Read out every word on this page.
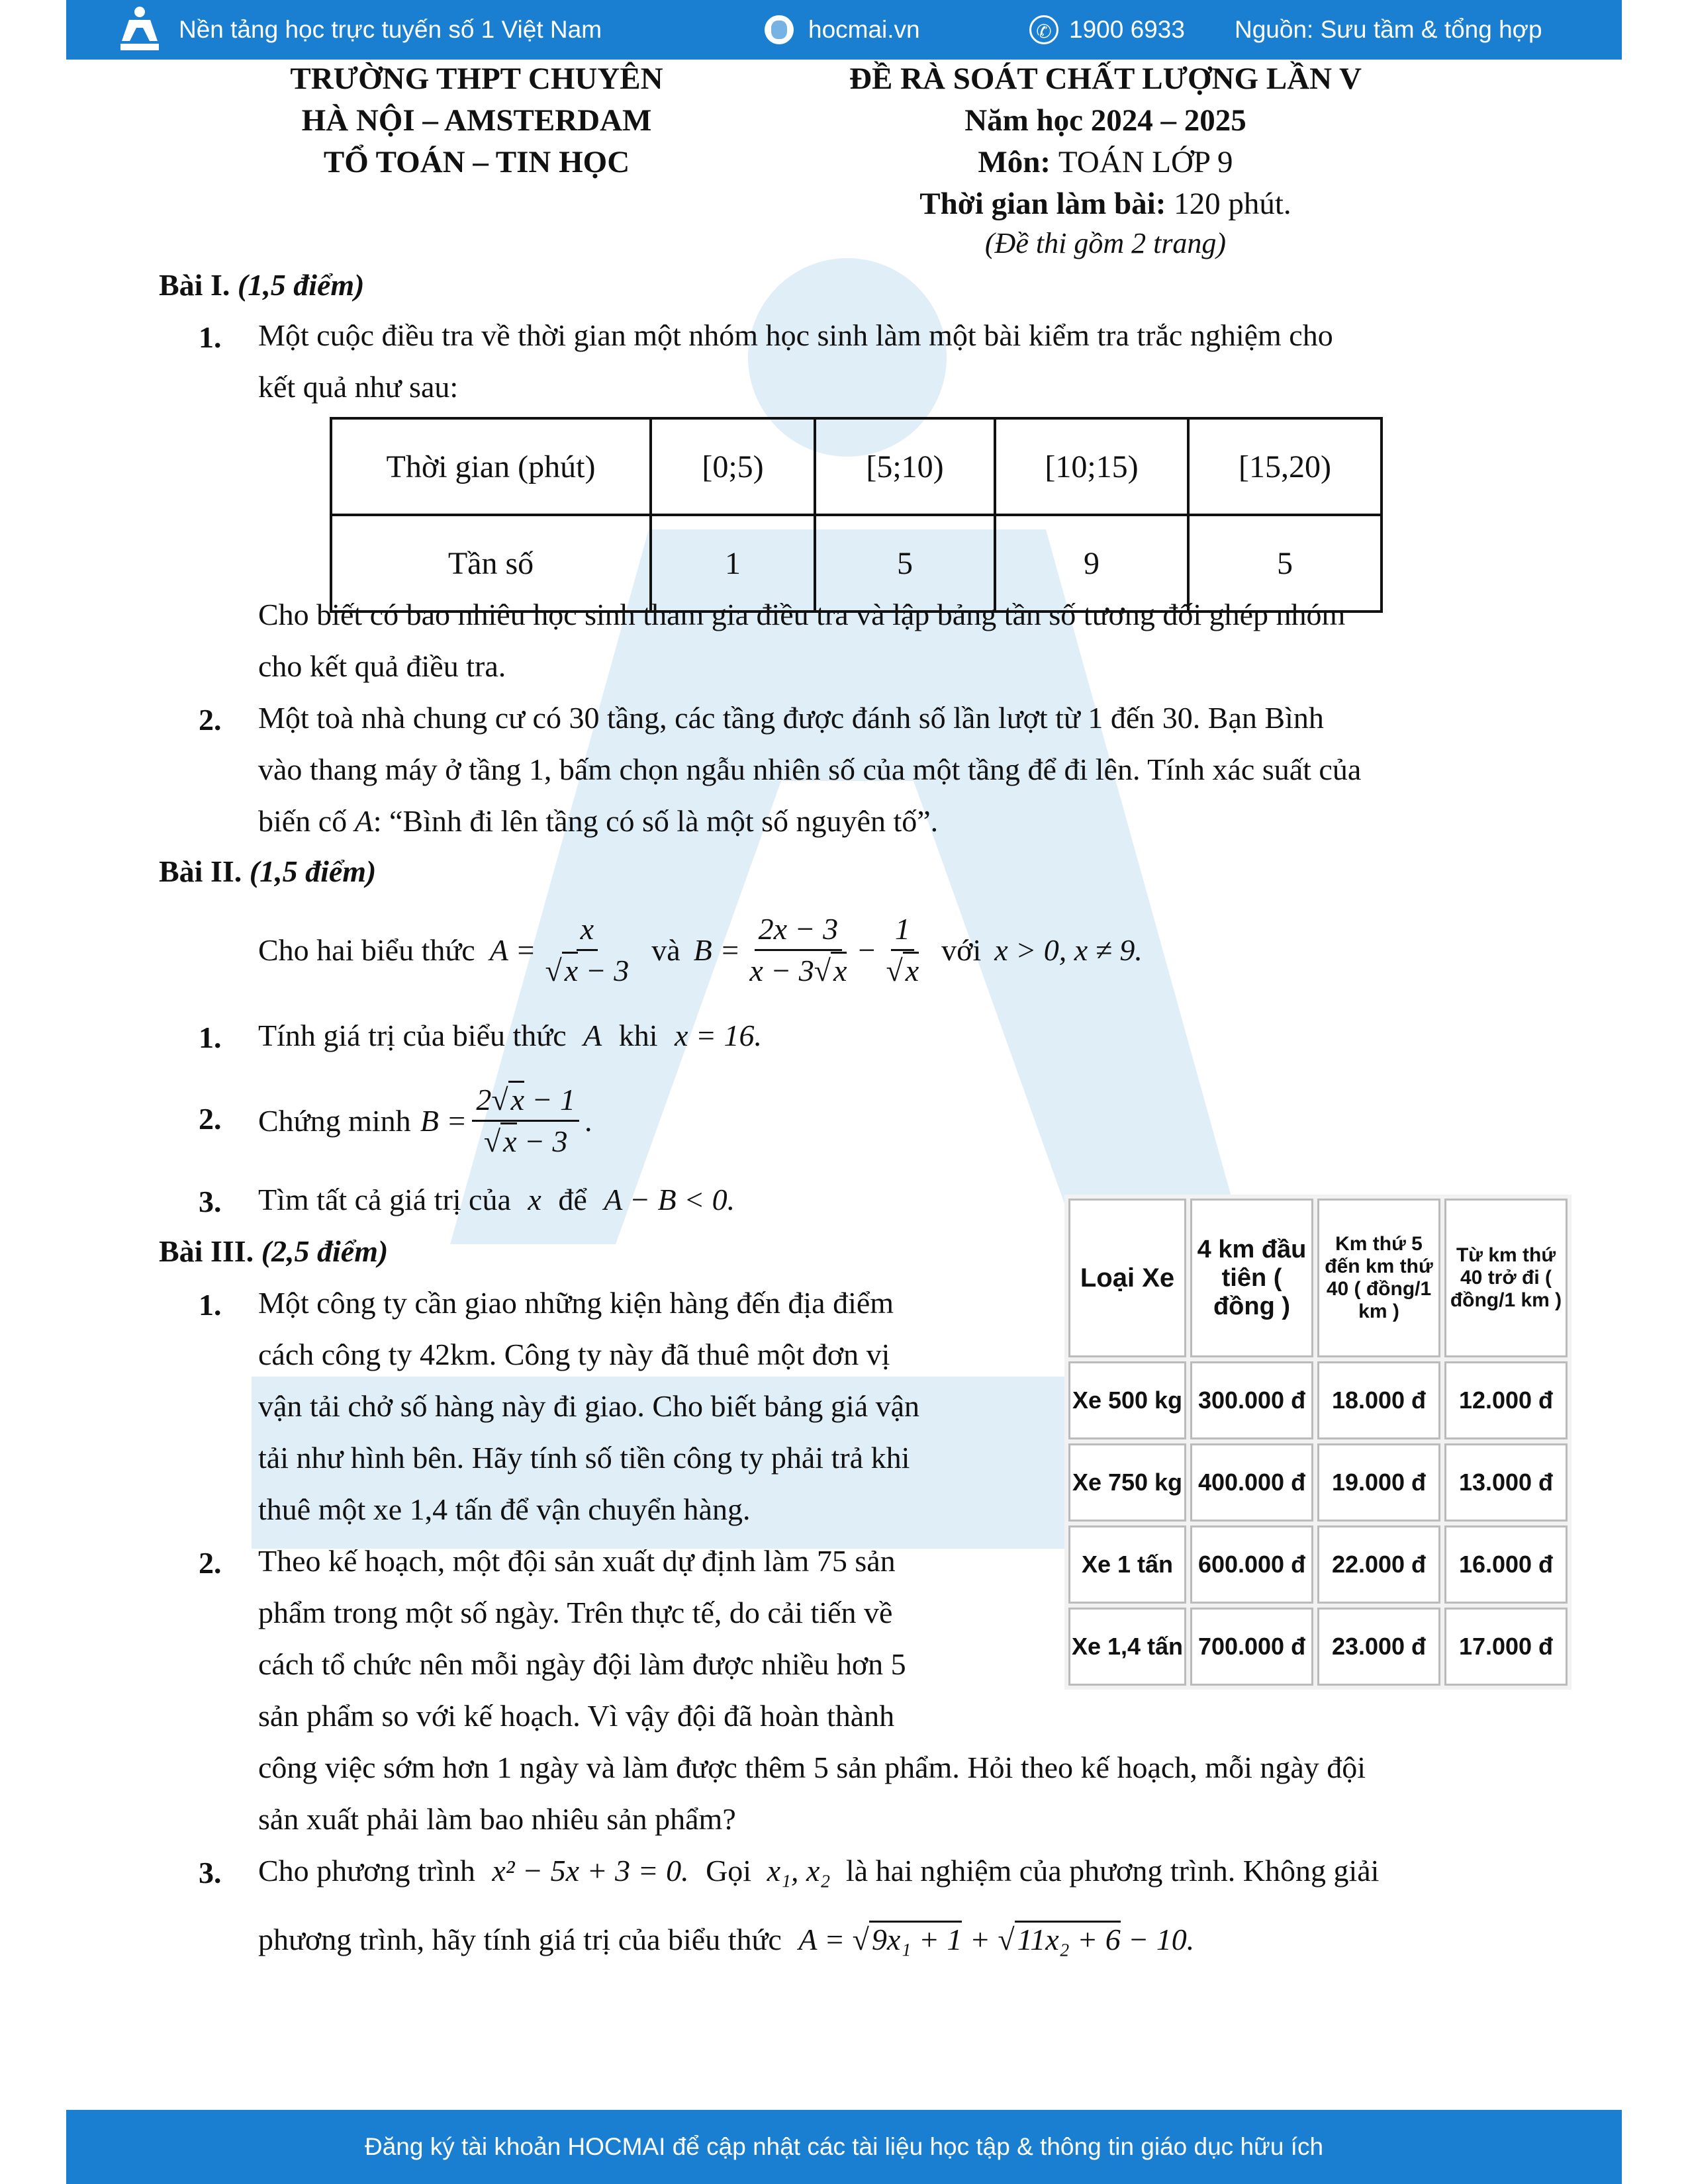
Nền tảng học trực tuyến số 1 Việt Nam	hocmai.vn	✆ 1900 6933 Nguồn: Sưu tầm & tổng hợp
TRƯỜNG THPT CHUYÊN
HÀ NỘI – AMSTERDAM
TỔ TOÁN – TIN HỌC
ĐỀ RÀ SOÁT CHẤT LƯỢNG LẦN V
Năm học 2024 – 2025
Môn: TOÁN LỚP 9
Thời gian làm bài: 120 phút.
(Đề thi gồm 2 trang)
Bài I. (1,5 điểm)
1. Một cuộc điều tra về thời gian một nhóm học sinh làm một bài kiểm tra trắc nghiệm cho
kết quả như sau:
Thời gian (phút)	[0;5)	[5;10)	[10;15)	[15,20)
Tần số	1	5	9	5
Cho biết có bao nhiêu học sinh tham gia điều tra và lập bảng tần số tương đối ghép nhóm
cho kết quả điều tra.
2. Một toà nhà chung cư có 30 tầng, các tầng được đánh số lần lượt từ 1 đến 30. Bạn Bình
vào thang máy ở tầng 1, bấm chọn ngẫu nhiên số của một tầng để đi lên. Tính xác suất của
biến cố A: “Bình đi lên tầng có số là một số nguyên tố”.
Bài II. (1,5 điểm)
Cho hai biểu thức $A = \frac{x}{√x - 3}$ và $B = \frac{2x - 3}{x - 3√x} - \frac{1}{√x}$ với x > 0, x ≠ 9.
1. Tính giá trị của biểu thức A khi x = 16.
2. Chứng minh $B = \frac{2√x - 1}{√x - 3}$ .
3. Tìm tất cả giá trị của x để A − B < 0.
Bài III. (2,5 điểm)
1. Một công ty cần giao những kiện hàng đến địa điểm
cách công ty 42km. Công ty này đã thuê một đơn vị
vận tải chở số hàng này đi giao. Cho biết bảng giá vận
tải như hình bên. Hãy tính số tiền công ty phải trả khi
thuê một xe 1,4 tấn để vận chuyển hàng.
2. Theo kế hoạch, một đội sản xuất dự định làm 75 sản
phẩm trong một số ngày. Trên thực tế, do cải tiến về
cách tổ chức nên mỗi ngày đội làm được nhiều hơn 5
sản phẩm so với kế hoạch. Vì vậy đội đã hoàn thành
công việc sớm hơn 1 ngày và làm được thêm 5 sản phẩm. Hỏi theo kế hoạch, mỗi ngày đội
sản xuất phải làm bao nhiêu sản phẩm?
3. Cho phương trình x² − 5x + 3 = 0. Gọi x₁, x₂ là hai nghiệm của phương trình. Không giải
phương trình, hãy tính giá trị của biểu thức A = √9x₁ + 1 + √11x₂ + 6 − 10.
Loại Xe	4 km đầu tiên ( đồng )	Km thứ 5 đến km thứ 40 ( đồng/1 km )	Từ km thứ 40 trở đi ( đồng/1 km )
Xe 500 kg	300.000 đ	18.000 đ	12.000 đ
Xe 750 kg	400.000 đ	19.000 đ	13.000 đ
Xe 1 tấn	600.000 đ	22.000 đ	16.000 đ
Xe 1,4 tấn	700.000 đ	23.000 đ	17.000 đ
Đăng ký tài khoản HOCMAI để cập nhật các tài liệu học tập & thông tin giáo dục hữu ích
